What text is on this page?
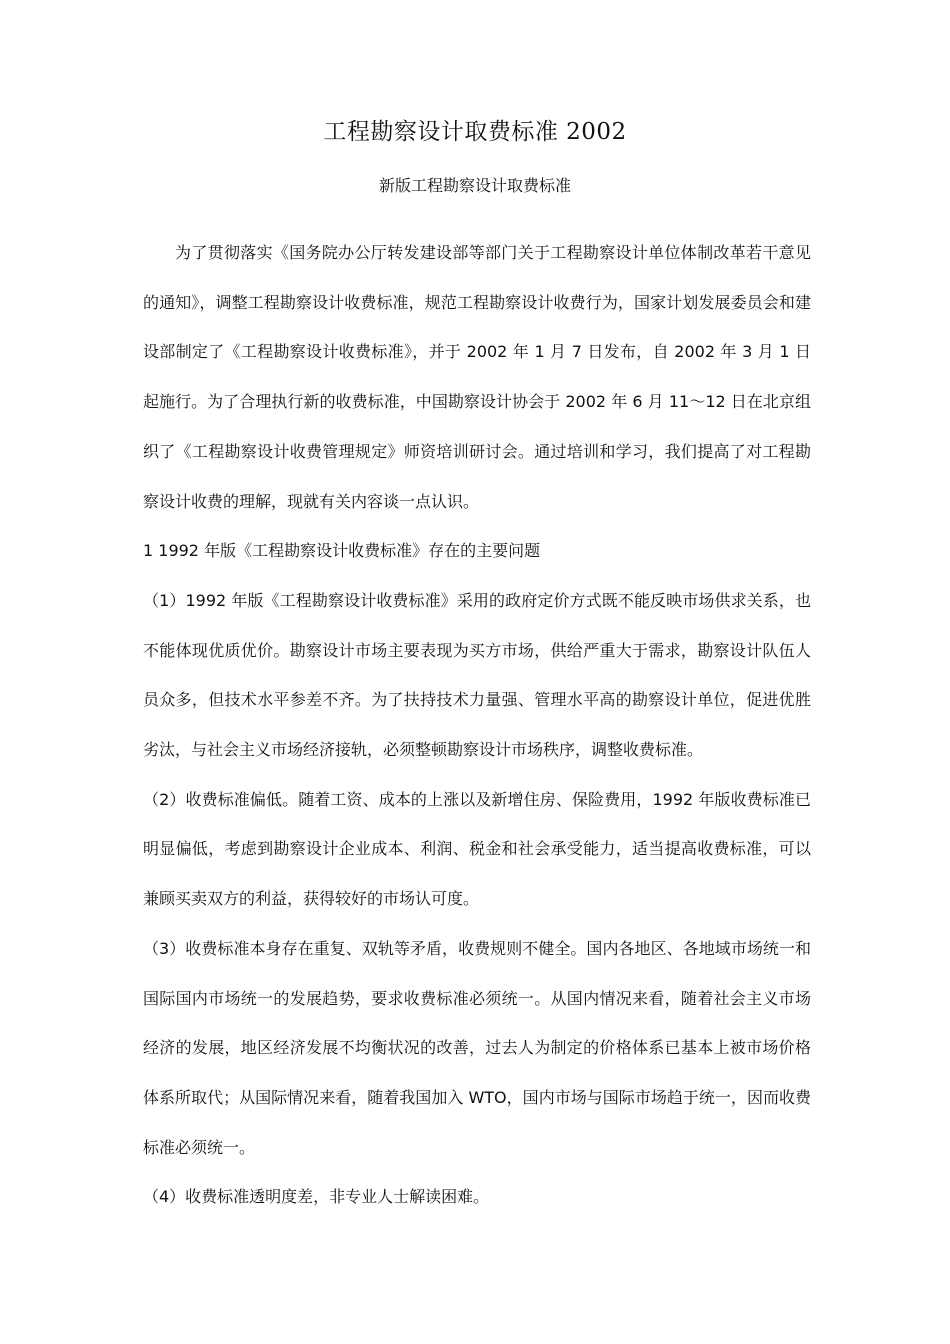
工程勘察设计取费标准 2002
新版工程勘察设计取费标准

为了贯彻落实《国务院办公厅转发建设部等部门关于工程勘察设计单位体制改革若干意见的通知》，调整工程勘察设计收费标准，规范工程勘察设计收费行为，国家计划发展委员会和建设部制定了《工程勘察设计收费标准》，并于 2002 年 1 月 7 日发布，自 2002 年 3 月 1 日起施行。为了合理执行新的收费标准，中国勘察设计协会于 2002 年 6 月 11～12 日在北京组织了《工程勘察设计收费管理规定》师资培训研讨会。通过培训和学习，我们提高了对工程勘察设计收费的理解，现就有关内容谈一点认识。

1 1992 年版《工程勘察设计收费标准》存在的主要问题

（1）1992 年版《工程勘察设计收费标准》采用的政府定价方式既不能反映市场供求关系，也不能体现优质优价。勘察设计市场主要表现为买方市场，供给严重大于需求，勘察设计队伍人员众多，但技术水平参差不齐。为了扶持技术力量强、管理水平高的勘察设计单位，促进优胜劣汰，与社会主义市场经济接轨，必须整顿勘察设计市场秩序，调整收费标准。

（2）收费标准偏低。随着工资、成本的上涨以及新增住房、保险费用，1992 年版收费标准已明显偏低，考虑到勘察设计企业成本、利润、税金和社会承受能力，适当提高收费标准，可以兼顾买卖双方的利益，获得较好的市场认可度。

（3）收费标准本身存在重复、双轨等矛盾，收费规则不健全。国内各地区、各地域市场统一和国际国内市场统一的发展趋势，要求收费标准必须统一。从国内情况来看，随着社会主义市场经济的发展，地区经济发展不均衡状况的改善，过去人为制定的价格体系已基本上被市场价格体系所取代；从国际情况来看，随着我国加入 WTO，国内市场与国际市场趋于统一，因而收费标准必须统一。

（4）收费标准透明度差，非专业人士解读困难。
